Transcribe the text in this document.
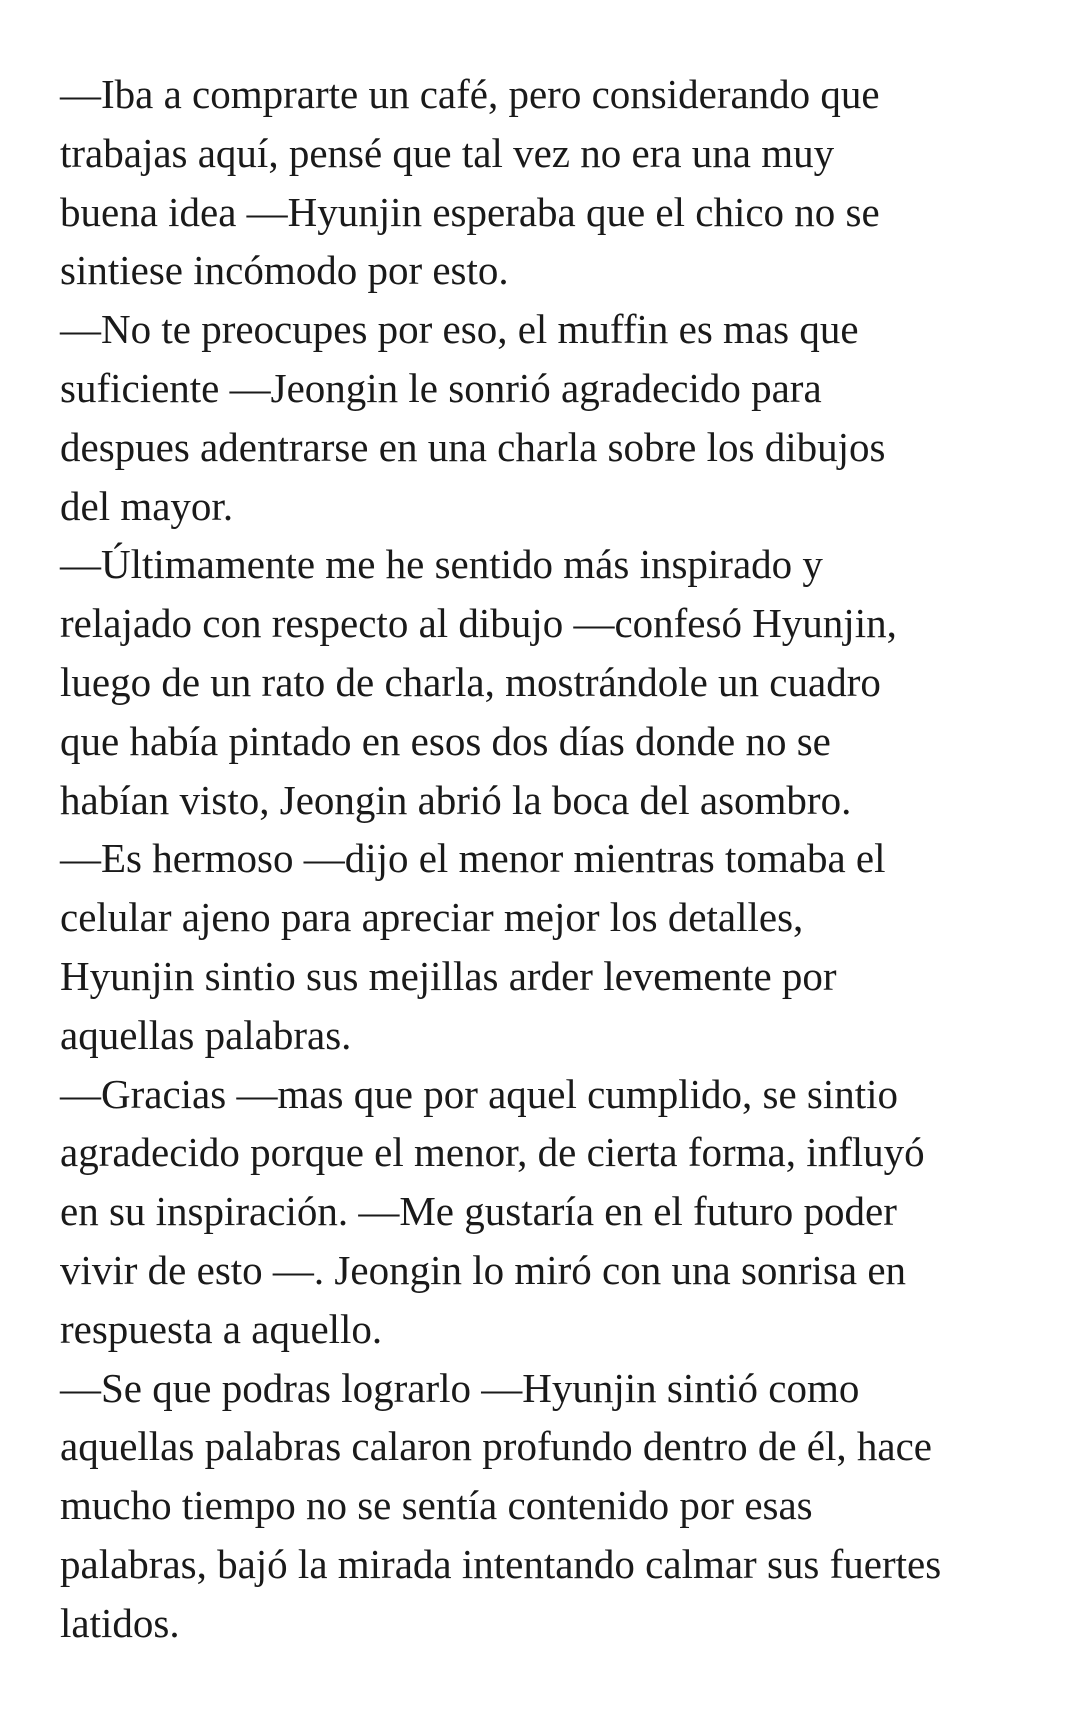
—Iba a comprarte un café, pero considerando que
trabajas aquí, pensé que tal vez no era una muy
buena idea —Hyunjin esperaba que el chico no se
sintiese incómodo por esto.
—No te preocupes por eso, el muffin es mas que
suficiente —Jeongin le sonrió agradecido para
despues adentrarse en una charla sobre los dibujos
del mayor.
—Últimamente me he sentido más inspirado y
relajado con respecto al dibujo —confesó Hyunjin,
luego de un rato de charla, mostrándole un cuadro
que había pintado en esos dos días donde no se
habían visto, Jeongin abrió la boca del asombro.
—Es hermoso —dijo el menor mientras tomaba el
celular ajeno para apreciar mejor los detalles,
Hyunjin sintio sus mejillas arder levemente por
aquellas palabras.
—Gracias —mas que por aquel cumplido, se sintio
agradecido porque el menor, de cierta forma, influyó
en su inspiración. —Me gustaría en el futuro poder
vivir de esto —. Jeongin lo miró con una sonrisa en
respuesta a aquello.
—Se que podras lograrlo —Hyunjin sintió como
aquellas palabras calaron profundo dentro de él, hace
mucho tiempo no se sentía contenido por esas
palabras, bajó la mirada intentando calmar sus fuertes
latidos.
